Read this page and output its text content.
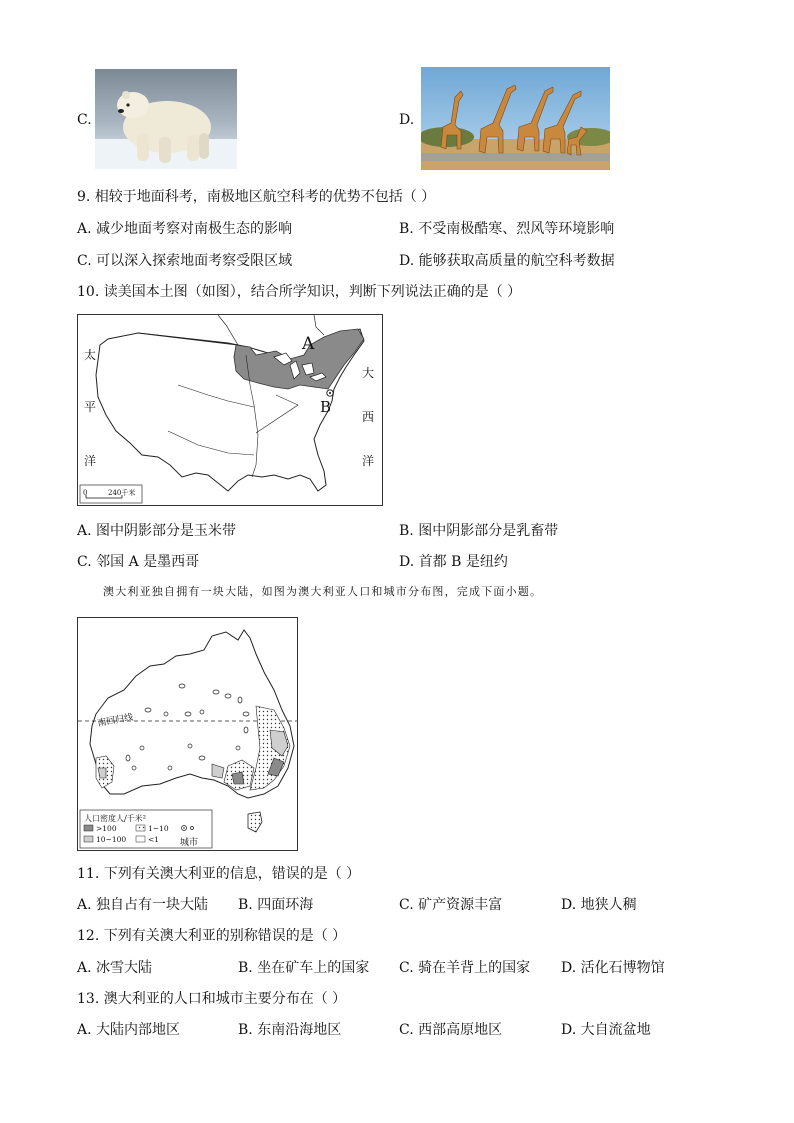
C.	D.
9. 相较于地面科考，南极地区航空科考的优势不包括（ ）
A. 减少地面考察对南极生态的影响	B. 不受南极酷寒、烈风等环境影响
C. 可以深入探索地面考察受限区域	D. 能够获取高质量的航空科考数据
10. 读美国本土图（如图），结合所学知识，判断下列说法正确的是（ ）
A
B
太
平
洋
大
西
洋
0	240千米
A. 图中阴影部分是玉米带	B. 图中阴影部分是乳畜带
C. 邻国 A 是墨西哥	D. 首都 B 是纽约
澳大利亚独自拥有一块大陆，如图为澳大利亚人口和城市分布图，完成下面小题。
南回归线
人口密度人/千米²
>100	1~10
10~100	<1 城市
11. 下列有关澳大利亚的信息，错误的是（ ）
A. 独自占有一块大陆 B. 四面环海	C. 矿产资源丰富	D. 地狭人稠
12. 下列有关澳大利亚的别称错误的是（ ）
A. 冰雪大陆	B. 坐在矿车上的国家 C. 骑在羊背上的国家 D. 活化石博物馆
13. 澳大利亚的人口和城市主要分布在（ ）
A. 大陆内部地区	B. 东南沿海地区	C. 西部高原地区	D. 大自流盆地
